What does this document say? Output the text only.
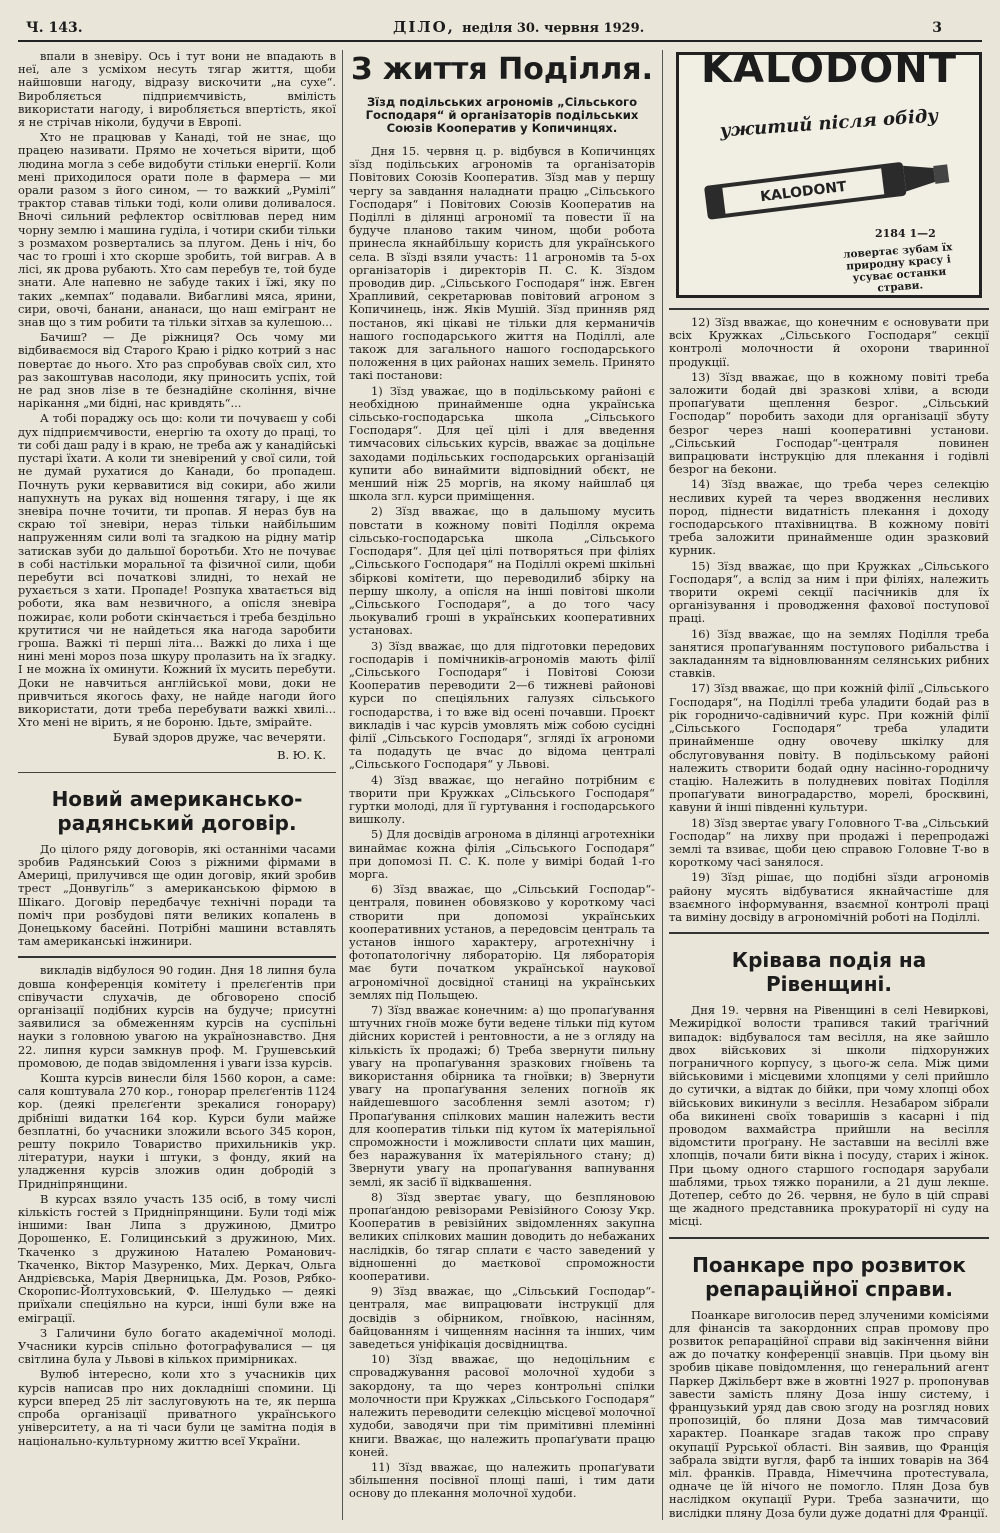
Ч. 143.	ДІЛО, неділя 30. червня 1929.	3

впали в зневіру. Ось і тут вони не впадають в неї, але з усміхом несуть тягар життя, щоби найшовши нагоду, відразу вискочити „на сухе“. Виробляється підприємчивість, вмілість використати нагоду, і виробляється впертість, якої я не стрічав ніколи, будучи в Европі.

Хто не працював у Канаді, той не знає, що працею називати. Прямо не хочеться вірити, щоб людина могла з себе видобути стільки енергії. Коли мені приходилося орати поле в фармера — ми орали разом з його сином, — то важкий „Румілі“ трактор ставав тільки тоді, коли оливи доливалося. Вночі сильний рефлектор освітлював перед ним чорну землю і машина гуділа, і чотири скиби тільки з розмахом розвертались за плугом. День і ніч, бо час то гроші і хто скорше зробить, той виграв. А в лісі, як дрова рубають. Хто сам перебув те, той буде знати. Але напевно не забуде таких і їжі, яку по таких „кемпах“ подавали. Вибагливі мяса, ярини, сири, овочі, банани, ананаси, що наш емігрант не знав що з тим робити та тільки зітхав за кулешою...

Бачиш? — Де ріжниця? Ось чому ми відбиваємося від Старого Краю і рідко котрий з нас повертає до нього. Хто раз спробував своїх сил, хто раз закоштував насолоди, яку приносить успіх, той не рад знов лізе в те безнадійне скоління, вічне нарікання „ми бідні, нас кривдять“...

А тобі пораджу ось що: коли ти почуваєш у собі дух підприємчивости, енергію та охоту до праці, то ти собі даш раду і в краю, не треба аж у канадійські пустарі їхати. А коли ти зневірений у свої сили, той не думай рухатися до Канади, бо пропадеш. Почнуть руки кервавитися від сокири, або жили напухнуть на руках від ношення тягару, і ще як зневіра почне точити, ти пропав. Я нераз був на скраю тої зневіри, нераз тільки найбільшим напруженням сили волі та згадкою на рідну матір затискав зуби до дальшої боротьби. Хто не почуває в собі настільки моральної та фізичної сили, щоби перебути всі початкові злидні, то нехай не рухається з хати. Пропаде! Розпука хватається від роботи, яка вам незвичного, а опісля зневіра пожирає, коли роботи скінчається і треба бездільно крутитися чи не найдеться яка нагода заробити гроша. Важкі ті перші літа... Важкі до лиха і ще нині мені мороз поза шкуру пролазить на їх згадку. І не можна їх оминути. Кожний їх мусить перебути. Доки не навчиться англійської мови, доки не привчиться якогось фаху, не найде нагоди його використати, доти треба перебувати важкі хвилі... Хто мені не вірить, я не бороню. Ідьте, змірайте.

Бувай здоров друже, час вечеряти.
В. Ю. К.
Новий американсько-радянський договір.

До цілого ряду договорів, які останніми часами зробив Радянський Союз з ріжними фірмами в Америці, прилучився ще один договір, який зробив трест „Донвугіль“ з американською фірмою в Шікаго. Договір передбачує технічні поради та поміч при розбудові пяти великих копалень в Донецькому басейні. Потрібні машини вставлять там американські інжинири.

викладів відбулося 90 годин. Дня 18 липня була довша конференція комітету і прелєґентів при співучасти слухачів, де обговорено спосіб організації подібних курсів на будуче; присутні заявилися за обмеженням курсів на суспільні науки з головною увагою на українознавство. Дня 22. липня курси замкнув проф. М. Грушевський промовою, де подав звідомлення і уваги ізза курсів.

Кошта курсів винесли біля 1560 корон, а саме: саля коштувала 270 кор., гонорар прелєґентів 1124 кор. (деякі прелєґенти зрекалися гонорару) дрібніші видатки 164 кор. Курси були майже безплатні, бо учасники зложили всього 345 корон, решту покрило Товариство прихильників укр. літератури, науки і штуки, з фонду, який на уладження курсів зложив один добродій з Придніпрянщини.

В курсах взяло участь 135 осіб, в тому числі кількість гостей з Придніпрянщини. Були тоді між іншими: Іван Липа з дружиною, Дмитро Дорошенко, Е. Голицинський з дружиною, Мих. Ткаченко з дружиною Наталею Романович-Ткаченко, Віктор Мазуренко, Мих. Деркач, Ольга Андрієвська, Марія Дверницька, Дм. Розов, Рябко-Скоропис-Йолтуховський, Ф. Шелудько — деякі приїхали спеціяльно на курси, інші були вже на еміграції.

З Галичини було богато академічної молоді. Учасники курсів спільно фотографувалися — ця світлина була у Львові в кількох примірниках.

Вулюб інтересно, коли хто з учасників цих курсів написав про них докладніші спомини. Ці курси вперед 25 літ заслуговують на те, як перша спроба організації приватного українського університету, а на ті часи були це замітна подія в національно-культурному життю всеї України.

З життя Поділля.
Зїзд подільських агрономів „Сільського Господаря“ й організаторів подільських Союзів Кооператив у Копичинцях.

Дня 15. червня ц. р. відбувся в Копичинцях зїзд подільських агрономів та організаторів Повітових Союзів Кооператив. Зїзд мав у першу чергу за завдання наладнати працю „Сільського Господаря“ і Повітових Союзів Кооператив на Поділлі в ділянці агрономії та повести її на будуче планово таким чином, щоби робота принесла якнайбільшу користь для українського села. В зїзді взяли участь: 11 агрономів та 5-ох організаторів і директорів П. С. К. Зїздом проводив дир. „Сільського Господаря“ інж. Евген Храпливий, секретарював повітовий агроном з Копичинець, інж. Яків Мушій. Зїзд принняв ряд постанов, які цікаві не тільки для керманичів нашого господарського життя на Поділлі, але також для загального нашого господарського положення в цих районах наших земель. Принято такі постанови:

1) Зїзд уважає, що в подільському районі є необхідною принайменше одна українська сільсько-господарська школа „Сільського Господаря“. Для цеї цілі і для введення тимчасових сільських курсів, вважає за доцільне заходами подільських господарських організацій купити або винаймити відповідний обєкт, не менший ніж 25 моргів, на якому найшлаб ця школа згл. курси приміщення.

2) Зїзд вважає, що в дальшому мусить повстати в кожному повіті Поділля окрема сільсько-господарська школа „Сільського Господаря“. Для цеї цілі потворяться при філіях „Сільського Господаря“ на Поділлі окремі шкільні збіркові комітети, що переводилиб збірку на першу школу, а опісля на інші повітові школи „Сільського Господаря“, а до того часу льокувалиб гроші в українських кооперативних установах.

3) Зїзд вважає, що для підготовки передових господарів і помічників-агрономів мають філії „Сільського Господаря“ і Повітові Союзи Кооператив переводити 2—6 тижневі районові курси по спеціяльних галузях сільського господарства, і то вже від осені почавши. Проєкт викладів і час курсів умовлять між собою сусідні філії „Сільського Господаря“, згляді їх агрономи та подадуть це вчас до відома централі „Сільського Господаря“ у Львові.

4) Зїзд вважає, що негайно потрібним є творити при Кружках „Сільського Господаря“ гуртки молоді, для її гуртування і господарського вишколу.

5) Для досвідів агронома в ділянці агротехніки винаймає кожна філія „Сільського Господаря“ при допомозі П. С. К. поле у вимірі бодай 1-го морга.

6) Зїзд вважає, що „Сільський Господар“-централя, повинен обовязково у короткому часі створити при допомозі українських кооперативних установ, а передовсім централь та установ іншого характеру, агротехнічну і фотопатологічну лябораторію. Ця лябораторія має бути початком української наукової агрономічної досвідної станиці на українських землях під Польщею.

7) Зїзд вважає конечним: а) що пропаґування штучних гноїв може бути ведене тільки під кутом дійсних користей і рентовности, а не з огляду на кількість їх продажі; б) Треба звернути пильну увагу на пропаґування зразкових гноївень та використання обірника та гноївки; в) Звернути увагу на пропаґування зелених погноїв як найдешевшого засоблення землі азотом; г) Пропаґування спілкових машин належить вести для кооператив тільки під кутом їх матеріяльної спроможности і можливости сплати цих машин, без наражування їх матеріяльного стану; д) Звернути увагу на пропаґування вапнування землі, як засіб її відквашення.

8) Зїзд звертає увагу, що безпляновою пропаґандою ревізорами Ревізійного Союзу Укр. Кооператив в ревізійних звідомленнях закупна великих спілкових машин доводить до небажаних наслідків, бо тягар сплати є часто заведений у відношенні до маєткової спроможности кооперативи.

9) Зїзд вважає, що „Сільський Господар“-централя, має випрацювати інструкції для досвідів з обірником, гноївкою, насінням, байцованням і чищенням насіння та інших, чим заведеться уніфікація досвідництва.

10) Зїзд вважає, що недоцільним є спроваджування расової молочної худоби з закордону, та що через контрольні спілки молочности при Кружках „Сільського Господаря“ належить переводити селекцію місцевої молочної худоби, заводячи при тім примітивні племінні книги. Вважає, що належить пропаґувати працю коней.

11) Зїзд вважає, що належить пропаґувати збільшення посівної площі паші, і тим дати основу до плекання молочної худоби.

KALODONT
ужитий після обіду
KALODONT
2184 1—2
ловертає зубам їх природну красу і усуває останки страви.

12) Зїзд вважає, що конечним є основувати при всіх Кружках „Сільського Господаря“ секції контролі молочности й охорони тваринної продукції.

13) Зїзд вважає, що в кожному повіті треба заложити бодай дві зразкові хліви, а всюди пропаґувати щеплення безрог. „Сільський Господар“ поробить заходи для організації збуту безрог через наші кооперативні установи. „Сільський Господар“-централя повинен випрацювати інструкцію для плекання і годівлі безрог на бекони.

14) Зїзд вважає, що треба через селекцію несливих курей та через вводження несливих пород, піднести видатність плекання і доходу господарського птахівництва. В кожному повіті треба заложити принайменше один зразковий курник.

15) Зїзд вважає, що при Кружках „Сільського Господаря“, а вслід за ним і при філіях, належить творити окремі секції пасічників для їх організування і проводження фахової поступової праці.

16) Зїзд вважає, що на землях Поділля треба занятися пропаґуванням поступового рибальства і закладанням та відновлюванням селянських рибних ставків.

17) Зїзд вважає, що при кожній філії „Сільського Господаря“, на Поділлі треба уладити бодай раз в рік городничо-садівничий курс. При кожній філії „Сільського Господаря“ треба уладити принайменше одну овочеву шкілку для обслуговування повіту. В подільському районі належить створити бодай одну насінно-городничу стацію. Належить в полудневих повітах Поділля пропаґувати виноградарство, морелі, бросквині, кавуни й інші південні культури.

18) Зїзд звертає увагу Головного Т-ва „Сільський Господар“ на лихву при продажі і перепродажі землі та взиває, щоби цею справою Головне Т-во в короткому часі занялося.

19) Зїзд рішає, що подібні зїзди агрономів району мусять відбуватися якнайчастіше для взаємного інформування, взаємної контролі праці та виміну досвіду в агрономічній роботі на Поділлі.

Крівава подія на Рівенщині.

Дня 19. червня на Рівенщині в селі Невиркові, Межирідкої волости трапився такий трагічний випадок: відбувалося там весілля, на яке зайшло двох військових зі школи підхорунжих пограничного корпусу, з цього-ж села. Між цими військовими і місцевими хлопцями у селі прийшло до сутички, а відтак до бійки, при чому хлопці обох військових викинули з весілля. Незабаром зібрали оба викинені своїх товаришів з касарні і під проводом вахмайстра прийшли на весілля відомстити проґрану. Не заставши на весіллі вже хлопців, почали бити вікна і посуду, старих і жінок. При цьому одного старшого господаря зарубали шаблями, трьох тяжко поранили, а 21 душ лекше. Дотепер, себто до 26. червня, не було в цій справі ще жадного представника прокураторії ні суду на місці.

Поанкаре про розвиток репараційної справи.

Поанкаре виголосив перед злученими комісіями для фінансів та закордонних справ промову про розвиток репараційної справи від закінчення війни аж до початку конференції знавців. При цьому він зробив цікаве повідомлення, що генеральний агент Паркер Джільберт вже в жовтні 1927 р. пропонував завести замість пляну Доза іншу систему, і французький уряд дав свою згоду на розгляд нових пропозицій, бо пляни Доза мав тимчасовий характер. Поанкаре згадав також про справу окупації Рурської області. Він заявив, що Франція забрала звідти вугля, фарб та інших товарів на 364 міл. франків. Правда, Німеччина протестувала, одначе це їй нічого не помогло. Плян Доза був наслідком окупації Рури. Треба зазначити, що вислідки пляну Доза були дуже додатні для Франції.
